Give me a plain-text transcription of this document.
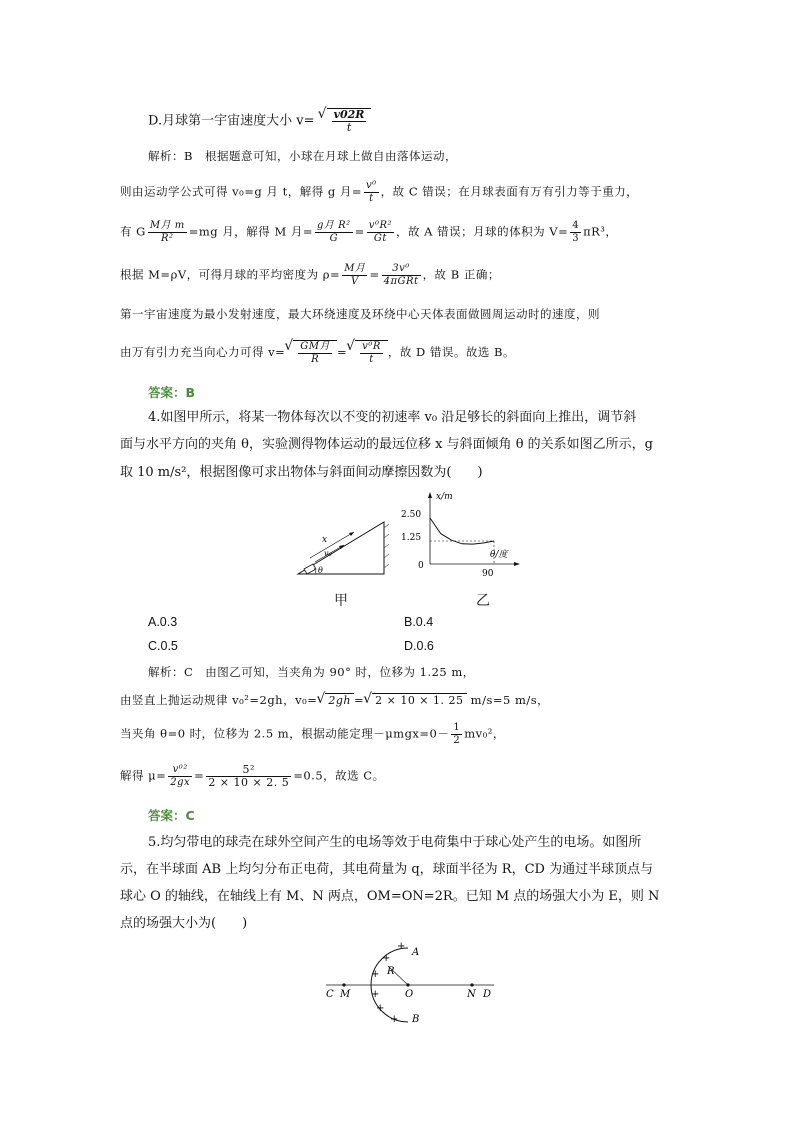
D.月球第一宇宙速度大小 v= √ $\frac{v02R}{t}$
解析：B　根据题意可知，小球在月球上做自由落体运动，
则由运动学公式可得 v₀=g 月 t，解得 g 月= $\frac{\text{v⁰}}{t}$ ，故 C 错误；在月球表面有万有引力等于重力，
有 G $\frac{\text{M月 m}}{\text{R²}} =mg$ 月，解得 M 月= $\frac{\text{g月 R²}}{G} = \frac{\text{v⁰R²}}{Gt}$ ，故 A 错误；月球的体积为 $V= \frac{4}{3} \pi R^3$，
根据 M=ρV，可得月球的平均密度为 $\rho= \frac{\text{M月}}{V} = \frac{\text{3v⁰}}{\text{4πGRt}}$ ，故 B 正确；
第一宇宙速度为最小发射速度，最大环绕速度及环绕中心天体表面做圆周运动时的速度，则
由万有引力充当向心力可得 v= √ $\frac{\text{GM月}}{R}$ = √ $\frac{\text{v⁰R}}{t}$ ，故 D 错误。故选 B。
答案：B
4.如图甲所示，将某一物体每次以不变的初速率 v₀ 沿足够长的斜面向上推出，调节斜
面与水平方向的夹角 θ，实验测得物体运动的最远位移 x 与斜面倾角 θ 的关系如图乙所示，g
取 10 m/s²，根据图像可求出物体与斜面间动摩擦因数为(　　)
x
v₀
θ
x/m
θ/度
2.50
1.25
0
90
甲	乙
A.0.3	B.0.4
C.0.5	D.0.6
解析：C　由图乙可知，当夹角为 90° 时，位移为 1.25 m，
由竖直上抛运动规律 v₀²=2gh，v₀= √ 2gh = √ 2 × 10 × 1. 25 m/s=5 m/s，
当夹角 θ=0 时，位移为 2.5 m，根据动能定理$-\mu mgx=0- \frac{1}{2} mv_0^2$，
解得 $\mu= \frac{\text{v⁰²}}{2gx} = \frac{\text{5²}}{2 \times 10 \times 2. 5} =0.5$，故选 C。
答案：C
5.均匀带电的球壳在球外空间产生的电场等效于电荷集中于球心处产生的电场。如图所
示，在半球面 AB 上均匀分布正电荷，其电荷量为 q，球面半径为 R，CD 为通过半球顶点与
球心 O 的轴线，在轴线上有 M、N 两点，OM=ON=2R。已知 M 点的场强大小为 E，则 N
点的场强大小为(　　)
C M	O	N D
A
B
R
+
+
+
+
+
+
